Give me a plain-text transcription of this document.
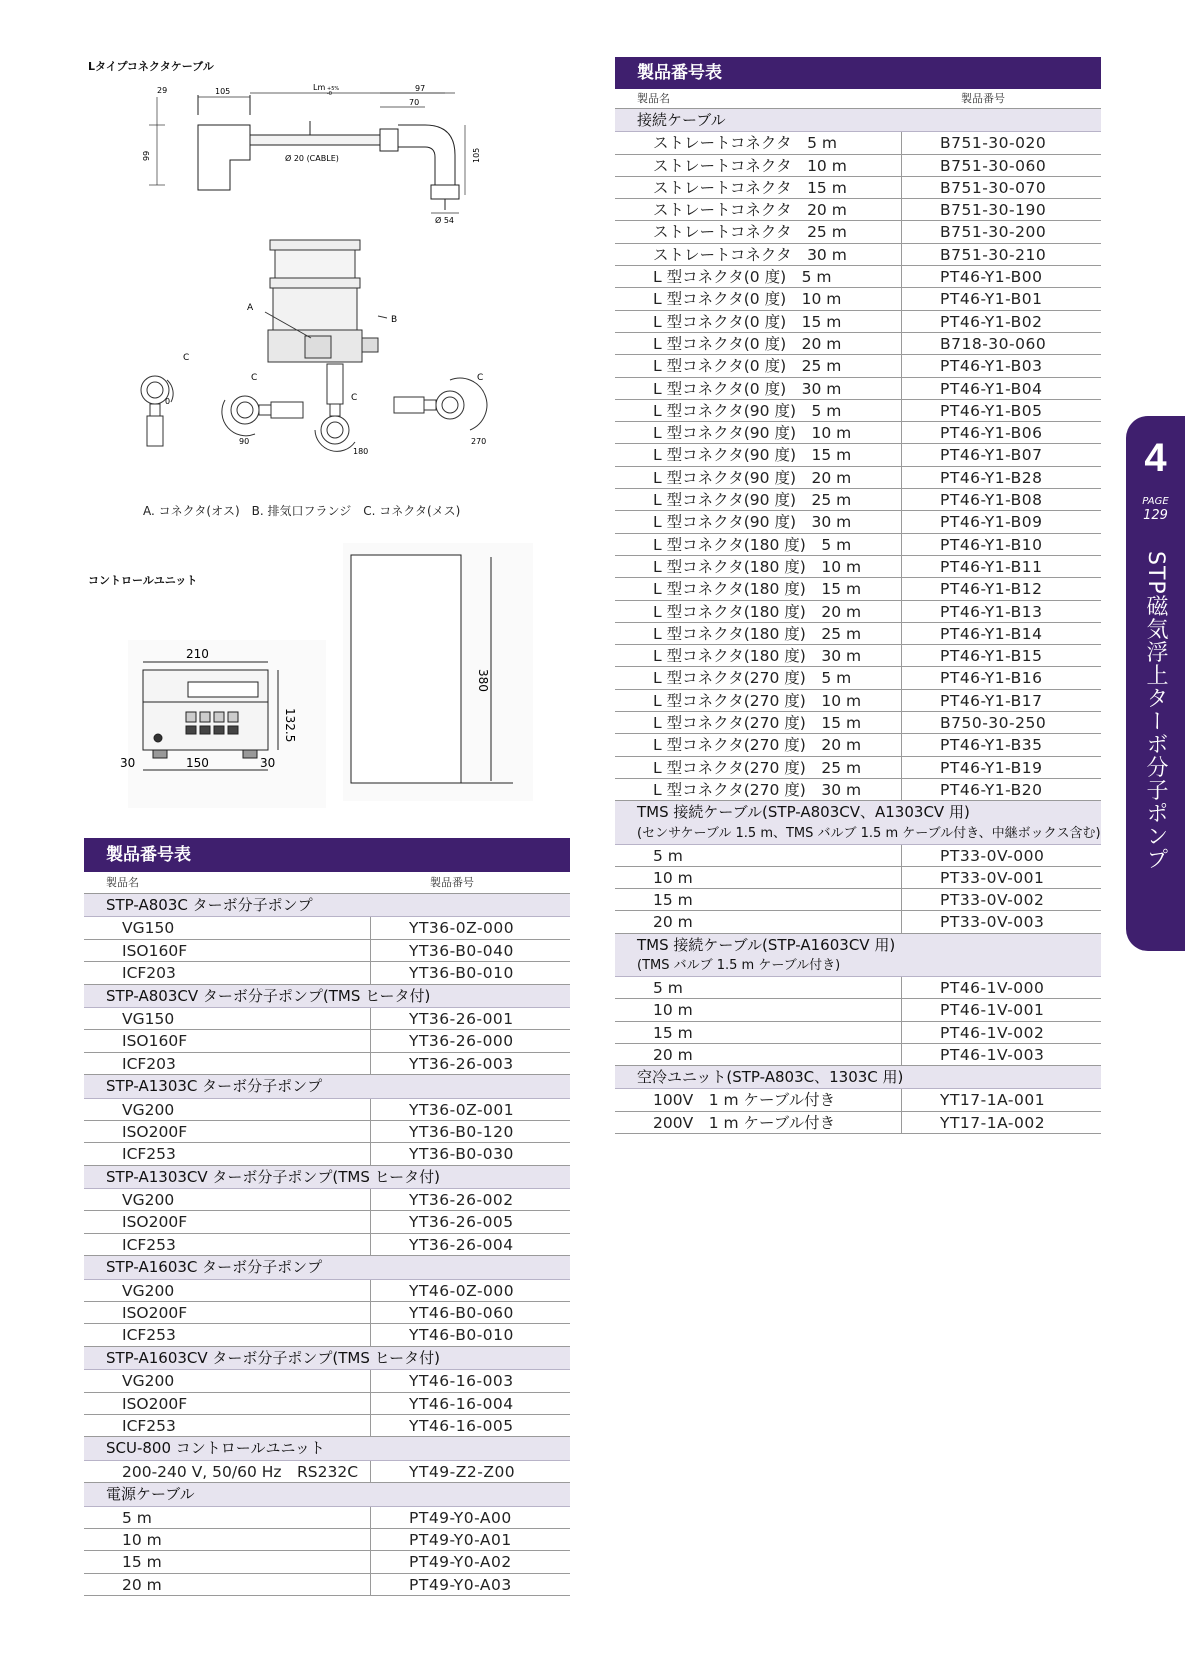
Lタイプコネクタケーブル
29	105	Lm +5%
-0
97
70
99	105
Ø 20 (CABLE)
Ø 54
A
B
C
0
C
90
C
180
C
270
A. コネクタ(オス)　B. 排気口フランジ　C. コネクタ(メス)
コントロールユニット
210
132.5
30	150	30
380
製品番号表
製品名	製品番号
STP-A803C ターボ分子ポンプ
VG150	YT36-0Z-000
ISO160F	YT36-B0-040
ICF203	YT36-B0-010
STP-A803CV ターボ分子ポンプ(TMS ヒータ付)
VG150	YT36-26-001
ISO160F	YT36-26-000
ICF203	YT36-26-003
STP-A1303C ターボ分子ポンプ
VG200	YT36-0Z-001
ISO200F	YT36-B0-120
ICF253	YT36-B0-030
STP-A1303CV ターボ分子ポンプ(TMS ヒータ付)
VG200	YT36-26-002
ISO200F	YT36-26-005
ICF253	YT36-26-004
STP-A1603C ターボ分子ポンプ
VG200	YT46-0Z-000
ISO200F	YT46-B0-060
ICF253	YT46-B0-010
STP-A1603CV ターボ分子ポンプ(TMS ヒータ付)
VG200	YT46-16-003
ISO200F	YT46-16-004
ICF253	YT46-16-005
SCU-800 コントロールユニット
200-240 V, 50/60 Hz　RS232C	YT49-Z2-Z00
電源ケーブル
5 m	PT49-Y0-A00
10 m	PT49-Y0-A01
15 m	PT49-Y0-A02
20 m	PT49-Y0-A03
製品番号表
製品名	製品番号
接続ケーブル
ストレートコネクタ　5 m	B751-30-020
ストレートコネクタ　10 m	B751-30-060
ストレートコネクタ　15 m	B751-30-070
ストレートコネクタ　20 m	B751-30-190
ストレートコネクタ　25 m	B751-30-200
ストレートコネクタ　30 m	B751-30-210
L 型コネクタ(0 度)　5 m	PT46-Y1-B00
L 型コネクタ(0 度)　10 m	PT46-Y1-B01
L 型コネクタ(0 度)　15 m	PT46-Y1-B02
L 型コネクタ(0 度)　20 m	B718-30-060
L 型コネクタ(0 度)　25 m	PT46-Y1-B03
L 型コネクタ(0 度)　30 m	PT46-Y1-B04
L 型コネクタ(90 度)　5 m	PT46-Y1-B05
L 型コネクタ(90 度)　10 m	PT46-Y1-B06
L 型コネクタ(90 度)　15 m	PT46-Y1-B07
L 型コネクタ(90 度)　20 m	PT46-Y1-B28
L 型コネクタ(90 度)　25 m	PT46-Y1-B08
L 型コネクタ(90 度)　30 m	PT46-Y1-B09
L 型コネクタ(180 度)　5 m	PT46-Y1-B10
L 型コネクタ(180 度)　10 m	PT46-Y1-B11
L 型コネクタ(180 度)　15 m	PT46-Y1-B12
L 型コネクタ(180 度)　20 m	PT46-Y1-B13
L 型コネクタ(180 度)　25 m	PT46-Y1-B14
L 型コネクタ(180 度)　30 m	PT46-Y1-B15
L 型コネクタ(270 度)　5 m	PT46-Y1-B16
L 型コネクタ(270 度)　10 m	PT46-Y1-B17
L 型コネクタ(270 度)　15 m	B750-30-250
L 型コネクタ(270 度)　20 m	PT46-Y1-B35
L 型コネクタ(270 度)　25 m	PT46-Y1-B19
L 型コネクタ(270 度)　30 m	PT46-Y1-B20
TMS 接続ケーブル(STP-A803CV、A1303CV 用)
(センサケーブル 1.5 m、TMS バルブ 1.5 m ケーブル付き、中継ボックス含む)
5 m	PT33-0V-000
10 m	PT33-0V-001
15 m	PT33-0V-002
20 m	PT33-0V-003
TMS 接続ケーブル(STP-A1603CV 用)
(TMS バルブ 1.5 m ケーブル付き)
5 m	PT46-1V-000
10 m	PT46-1V-001
15 m	PT46-1V-002
20 m	PT46-1V-003
空冷ユニット(STP-A803C、1303C 用)
100V　1 m ケーブル付き	YT17-1A-001
200V　1 m ケーブル付き	YT17-1A-002
4
PAGE
129
STP磁気浮上ターボ分子ポンプ
